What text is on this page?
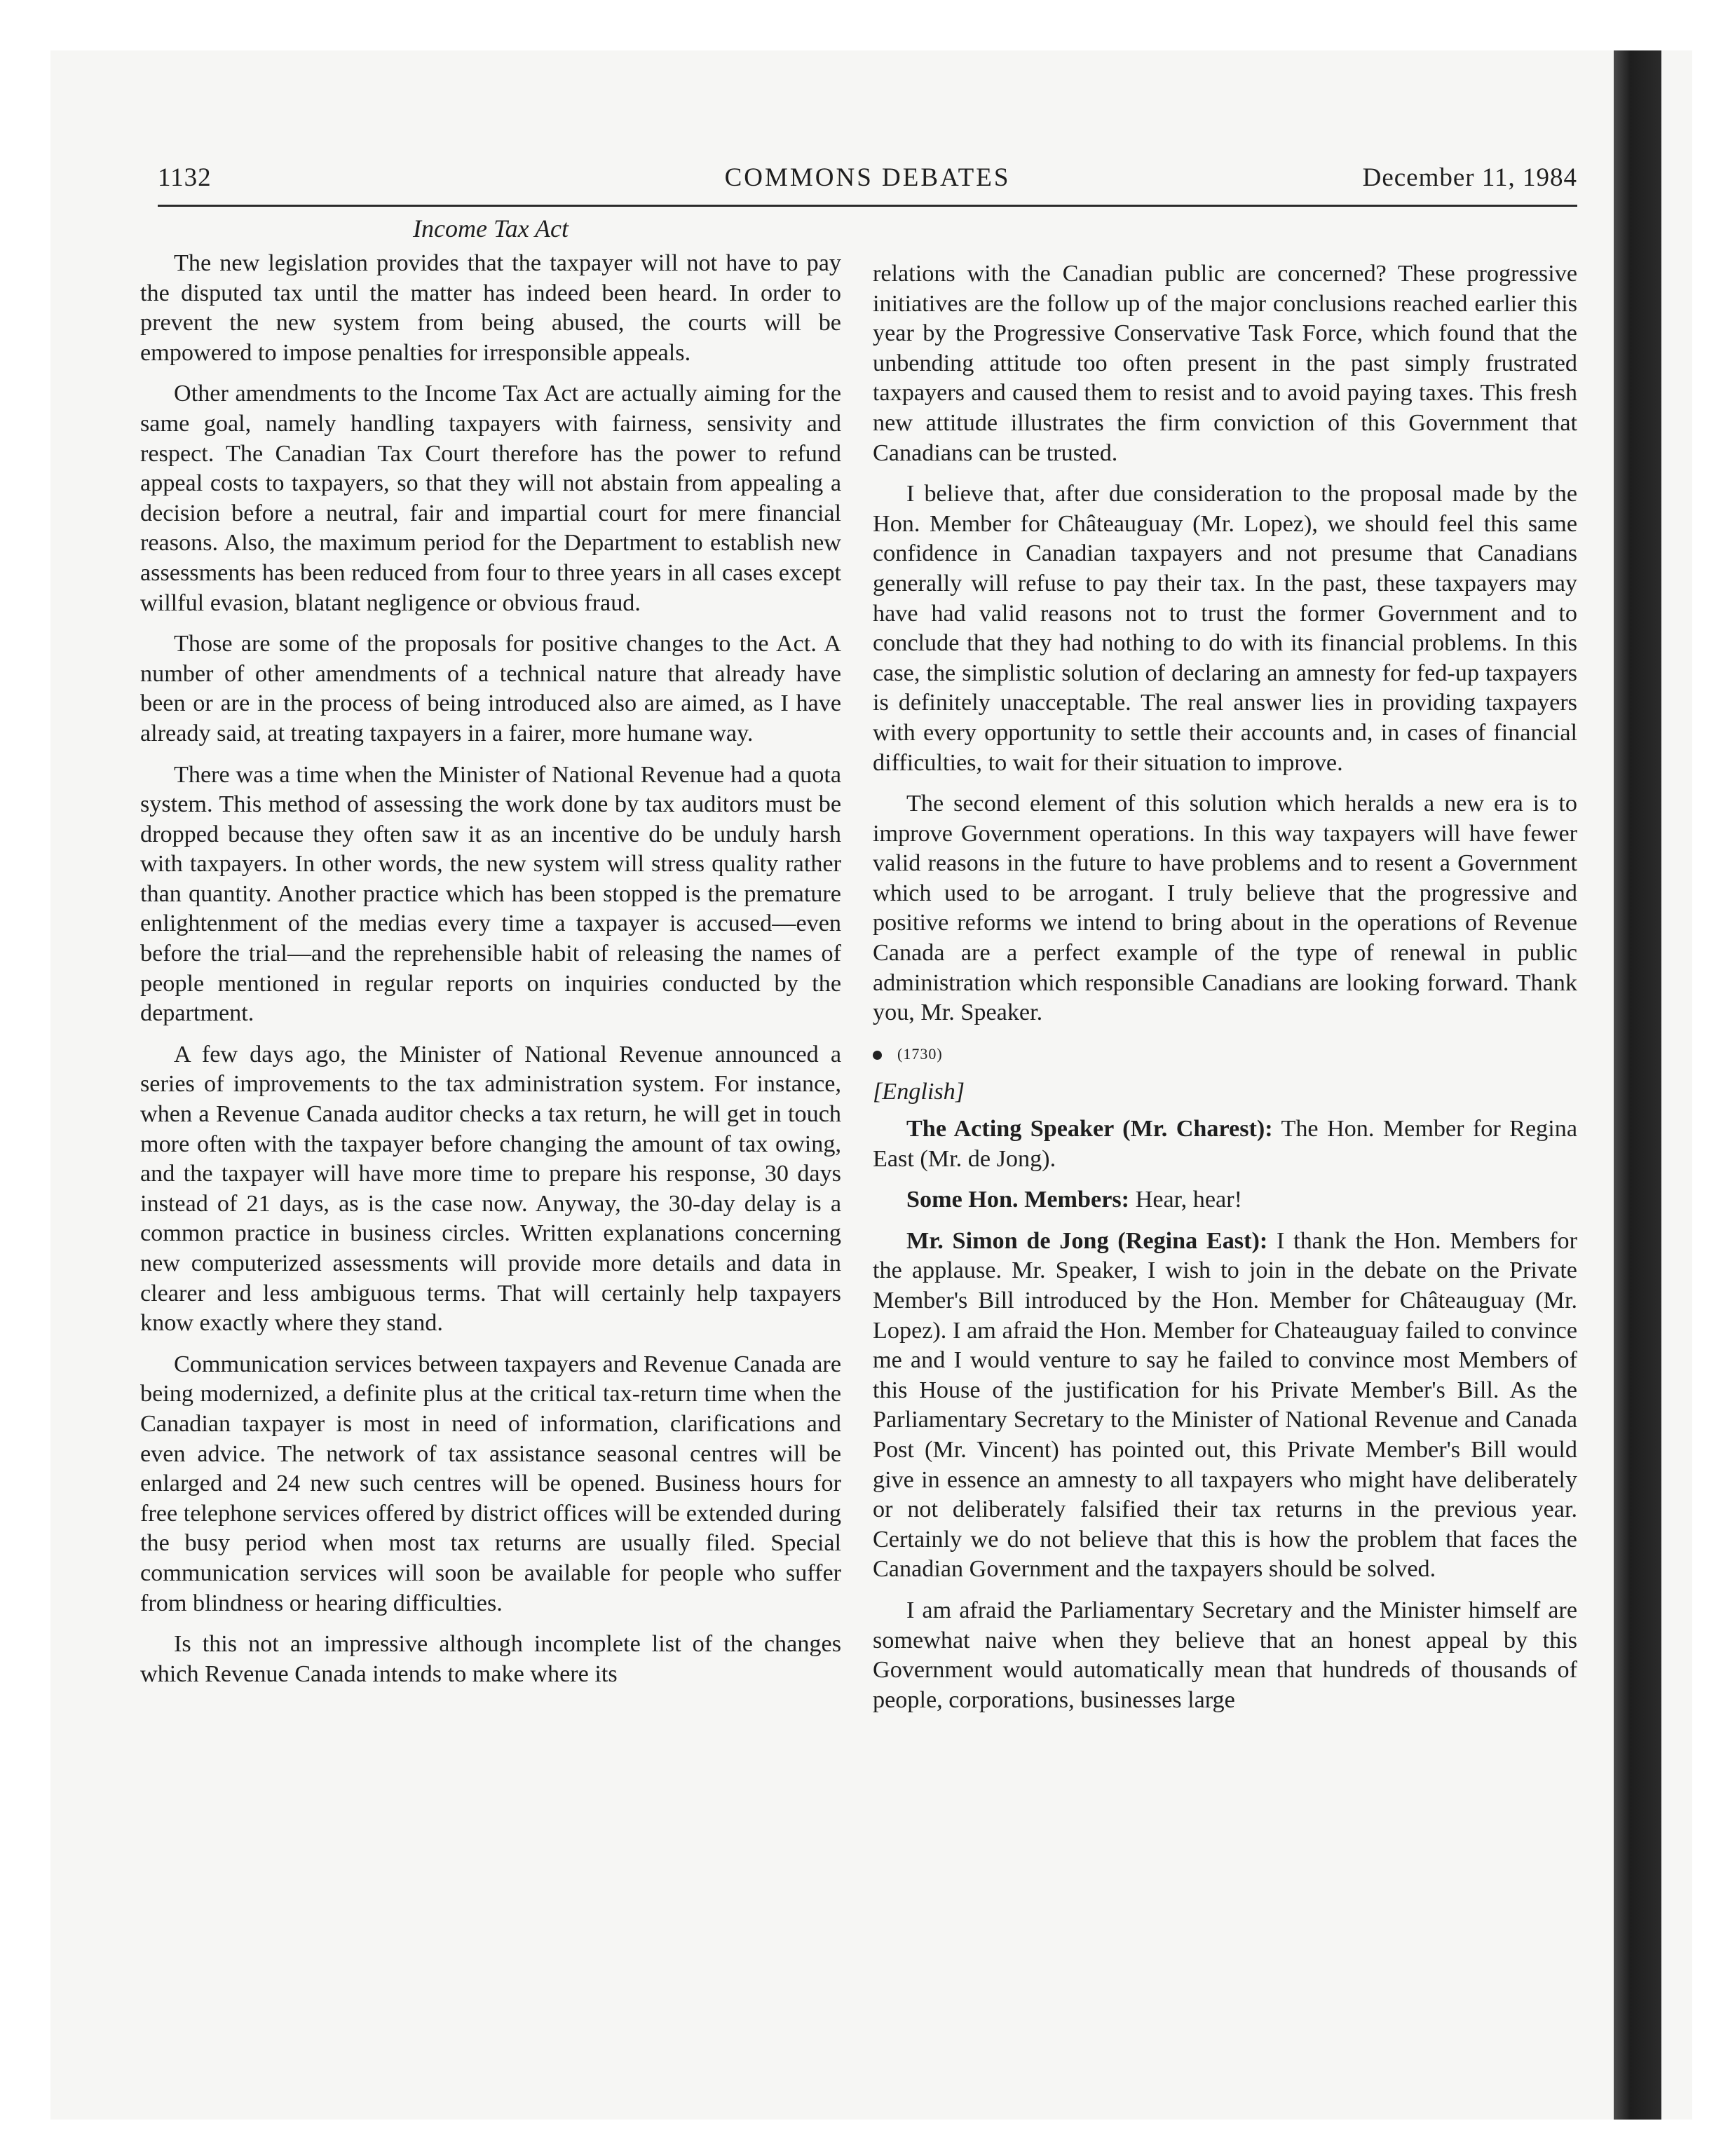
1132	COMMONS DEBATES	December 11, 1984
Income Tax Act

The new legislation provides that the taxpayer will not have to pay the disputed tax until the matter has indeed been heard. In order to prevent the new system from being abused, the courts will be empowered to impose penalties for irresponsible appeals.

Other amendments to the Income Tax Act are actually aiming for the same goal, namely handling taxpayers with fairness, sensivity and respect. The Canadian Tax Court therefore has the power to refund appeal costs to taxpayers, so that they will not abstain from appealing a decision before a neutral, fair and impartial court for mere financial reasons. Also, the maximum period for the Department to establish new assessments has been reduced from four to three years in all cases except willful evasion, blatant negligence or obvious fraud.

Those are some of the proposals for positive changes to the Act. A number of other amendments of a technical nature that already have been or are in the process of being introduced also are aimed, as I have already said, at treating taxpayers in a fairer, more humane way.

There was a time when the Minister of National Revenue had a quota system. This method of assessing the work done by tax auditors must be dropped because they often saw it as an incentive do be unduly harsh with taxpayers. In other words, the new system will stress quality rather than quantity. Another practice which has been stopped is the premature enlightenment of the medias every time a taxpayer is accused—even before the trial—and the reprehensible habit of releasing the names of people mentioned in regular reports on inquiries conducted by the department.

A few days ago, the Minister of National Revenue announced a series of improvements to the tax administration system. For instance, when a Revenue Canada auditor checks a tax return, he will get in touch more often with the taxpayer before changing the amount of tax owing, and the taxpayer will have more time to prepare his response, 30 days instead of 21 days, as is the case now. Anyway, the 30-day delay is a common practice in business circles. Written explanations concerning new computerized assessments will provide more details and data in clearer and less ambiguous terms. That will certainly help taxpayers know exactly where they stand.

Communication services between taxpayers and Revenue Canada are being modernized, a definite plus at the critical tax-return time when the Canadian taxpayer is most in need of information, clarifications and even advice. The network of tax assistance seasonal centres will be enlarged and 24 new such centres will be opened. Business hours for free telephone services offered by district offices will be extended during the busy period when most tax returns are usually filed. Special communication services will soon be available for people who suffer from blindness or hearing difficulties.

Is this not an impressive although incomplete list of the changes which Revenue Canada intends to make where its

relations with the Canadian public are concerned? These progressive initiatives are the follow up of the major conclusions reached earlier this year by the Progressive Conservative Task Force, which found that the unbending attitude too often present in the past simply frustrated taxpayers and caused them to resist and to avoid paying taxes. This fresh new attitude illustrates the firm conviction of this Government that Canadians can be trusted.

I believe that, after due consideration to the proposal made by the Hon. Member for Châteauguay (Mr. Lopez), we should feel this same confidence in Canadian taxpayers and not presume that Canadians generally will refuse to pay their tax. In the past, these taxpayers may have had valid reasons not to trust the former Government and to conclude that they had nothing to do with its financial problems. In this case, the simplistic solution of declaring an amnesty for fed-up taxpayers is definitely unacceptable. The real answer lies in providing taxpayers with every opportunity to settle their accounts and, in cases of financial difficulties, to wait for their situation to improve.

The second element of this solution which heralds a new era is to improve Government operations. In this way taxpayers will have fewer valid reasons in the future to have problems and to resent a Government which used to be arrogant. I truly believe that the progressive and positive reforms we intend to bring about in the operations of Revenue Canada are a perfect example of the type of renewal in public administration which responsible Canadians are looking forward. Thank you, Mr. Speaker.

(1730)
[English]

The Acting Speaker (Mr. Charest): The Hon. Member for Regina East (Mr. de Jong).

Some Hon. Members: Hear, hear!

Mr. Simon de Jong (Regina East): I thank the Hon. Members for the applause. Mr. Speaker, I wish to join in the debate on the Private Member's Bill introduced by the Hon. Member for Châteauguay (Mr. Lopez). I am afraid the Hon. Member for Chateauguay failed to convince me and I would venture to say he failed to convince most Members of this House of the justification for his Private Member's Bill. As the Parliamentary Secretary to the Minister of National Revenue and Canada Post (Mr. Vincent) has pointed out, this Private Member's Bill would give in essence an amnesty to all taxpayers who might have deliberately or not deliberately falsified their tax returns in the previous year. Certainly we do not believe that this is how the problem that faces the Canadian Government and the taxpayers should be solved.

I am afraid the Parliamentary Secretary and the Minister himself are somewhat naive when they believe that an honest appeal by this Government would automatically mean that hundreds of thousands of people, corporations, businesses large
